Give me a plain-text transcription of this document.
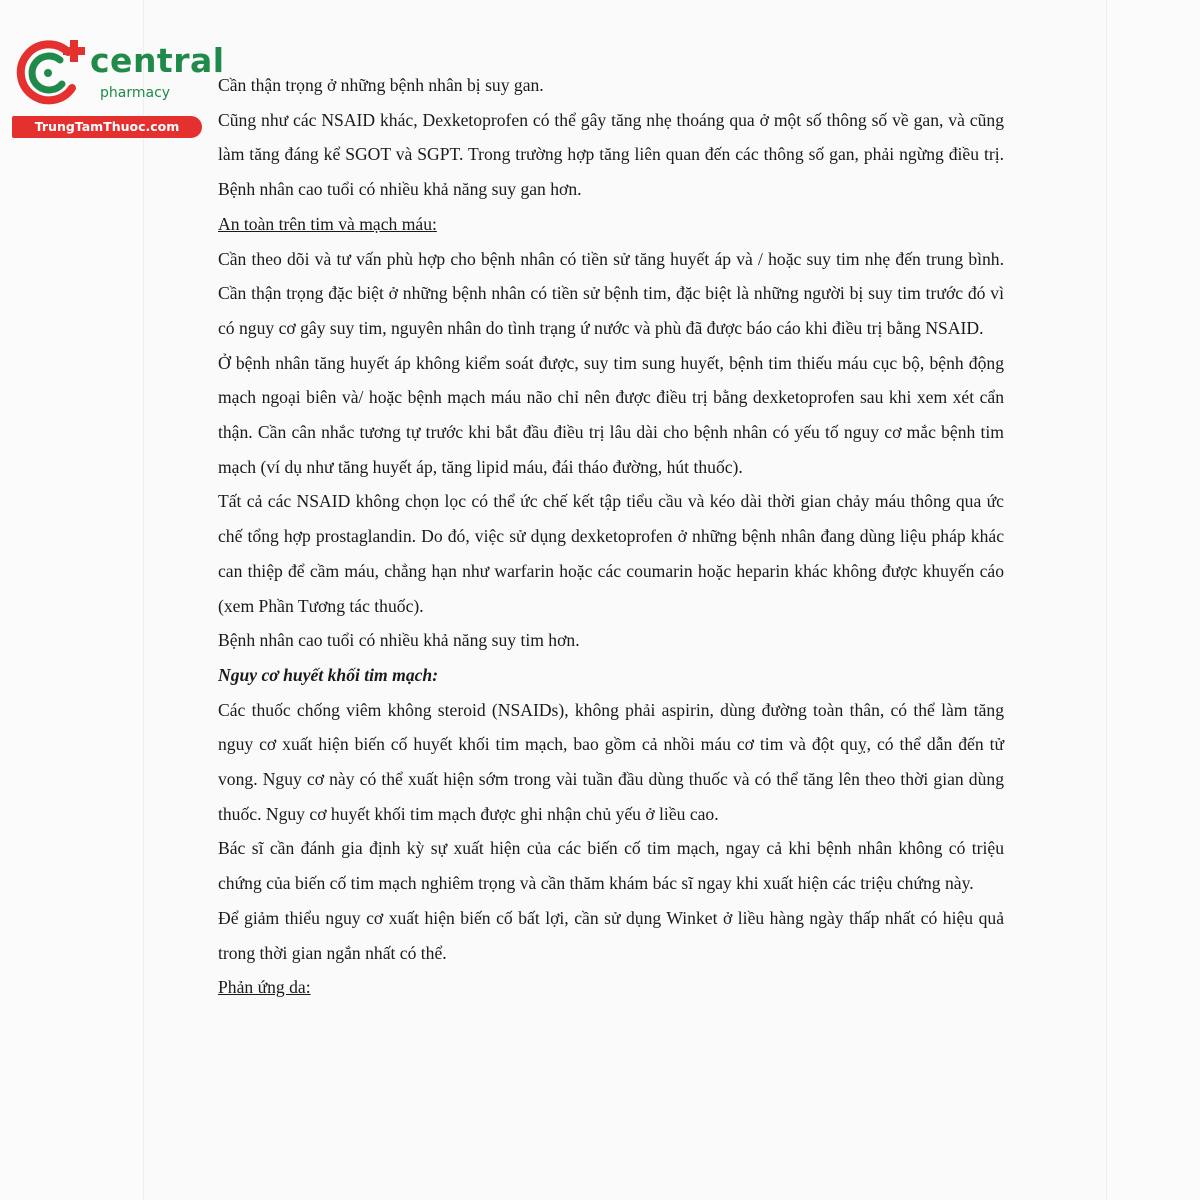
central
pharmacy
TrungTamThuoc.com

Cần thận trọng ở những bệnh nhân bị suy gan.

Cũng như các NSAID khác, Dexketoprofen có thể gây tăng nhẹ thoáng qua ở một số thông số về gan, và cũng làm tăng đáng kể SGOT và SGPT. Trong trường hợp tăng liên quan đến các thông số gan, phải ngừng điều trị. Bệnh nhân cao tuổi có nhiều khả năng suy gan hơn.

An toàn trên tim và mạch máu:

Cần theo dõi và tư vấn phù hợp cho bệnh nhân có tiền sử tăng huyết áp và / hoặc suy tim nhẹ đến trung bình. Cần thận trọng đặc biệt ở những bệnh nhân có tiền sử bệnh tim, đặc biệt là những người bị suy tim trước đó vì có nguy cơ gây suy tim, nguyên nhân do tình trạng ứ nước và phù đã được báo cáo khi điều trị bằng NSAID.

Ở bệnh nhân tăng huyết áp không kiểm soát được, suy tim sung huyết, bệnh tim thiếu máu cục bộ, bệnh động mạch ngoại biên và/ hoặc bệnh mạch máu não chỉ nên được điều trị bằng dexketoprofen sau khi xem xét cẩn thận. Cần cân nhắc tương tự trước khi bắt đầu điều trị lâu dài cho bệnh nhân có yếu tố nguy cơ mắc bệnh tim mạch (ví dụ như tăng huyết áp, tăng lipid máu, đái tháo đường, hút thuốc).

Tất cả các NSAID không chọn lọc có thể ức chế kết tập tiểu cầu và kéo dài thời gian chảy máu thông qua ức chế tổng hợp prostaglandin. Do đó, việc sử dụng dexketoprofen ở những bệnh nhân đang dùng liệu pháp khác can thiệp để cầm máu, chẳng hạn như warfarin hoặc các coumarin hoặc heparin khác không được khuyến cáo (xem Phần Tương tác thuốc).

Bệnh nhân cao tuổi có nhiều khả năng suy tim hơn.

Nguy cơ huyết khối tim mạch:

Các thuốc chống viêm không steroid (NSAIDs), không phải aspirin, dùng đường toàn thân, có thể làm tăng nguy cơ xuất hiện biến cố huyết khối tim mạch, bao gồm cả nhồi máu cơ tim và đột quỵ, có thể dẫn đến tử vong. Nguy cơ này có thể xuất hiện sớm trong vài tuần đầu dùng thuốc và có thể tăng lên theo thời gian dùng thuốc. Nguy cơ huyết khối tim mạch được ghi nhận chủ yếu ở liều cao.

Bác sĩ cần đánh gia định kỳ sự xuất hiện của các biến cố tim mạch, ngay cả khi bệnh nhân không có triệu chứng của biến cố tim mạch nghiêm trọng và cần thăm khám bác sĩ ngay khi xuất hiện các triệu chứng này.

Để giảm thiểu nguy cơ xuất hiện biến cố bất lợi, cần sử dụng Winket ở liều hàng ngày thấp nhất có hiệu quả trong thời gian ngắn nhất có thể.

Phản ứng da:
